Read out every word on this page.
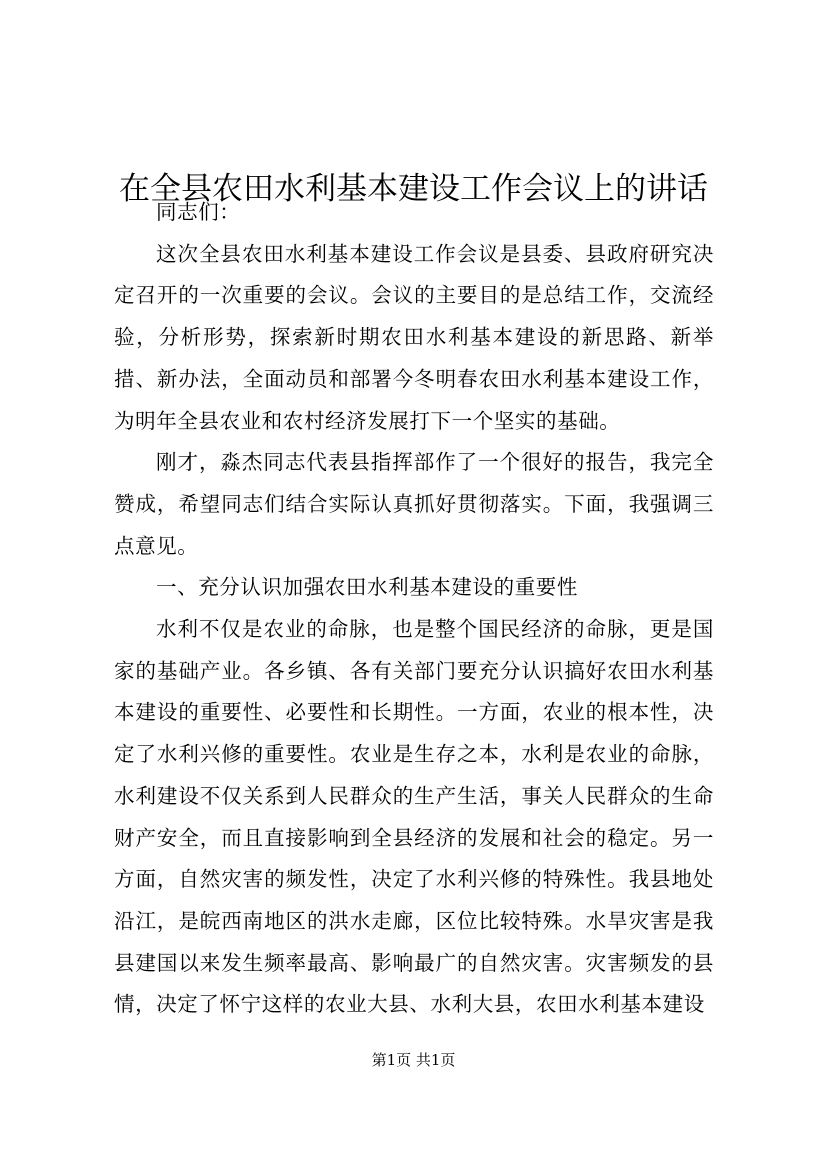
在全县农田水利基本建设工作会议上的讲话

同志们：

这次全县农田水利基本建设工作会议是县委、县政府研究决定召开的一次重要的会议。会议的主要目的是总结工作，交流经验，分析形势，探索新时期农田水利基本建设的新思路、新举措、新办法，全面动员和部署今冬明春农田水利基本建设工作，为明年全县农业和农村经济发展打下一个坚实的基础。

刚才，淼杰同志代表县指挥部作了一个很好的报告，我完全赞成，希望同志们结合实际认真抓好贯彻落实。下面，我强调三点意见。

一、充分认识加强农田水利基本建设的重要性

水利不仅是农业的命脉，也是整个国民经济的命脉，更是国家的基础产业。各乡镇、各有关部门要充分认识搞好农田水利基本建设的重要性、必要性和长期性。一方面，农业的根本性，决定了水利兴修的重要性。农业是生存之本，水利是农业的命脉，水利建设不仅关系到人民群众的生产生活，事关人民群众的生命财产安全，而且直接影响到全县经济的发展和社会的稳定。另一方面，自然灾害的频发性，决定了水利兴修的特殊性。我县地处沿江，是皖西南地区的洪水走廊，区位比较特殊。水旱灾害是我县建国以来发生频率最高、影响最广的自然灾害。灾害频发的县情，决定了怀宁这样的农业大县、水利大县，农田水利基本建设

第1页 共1页
